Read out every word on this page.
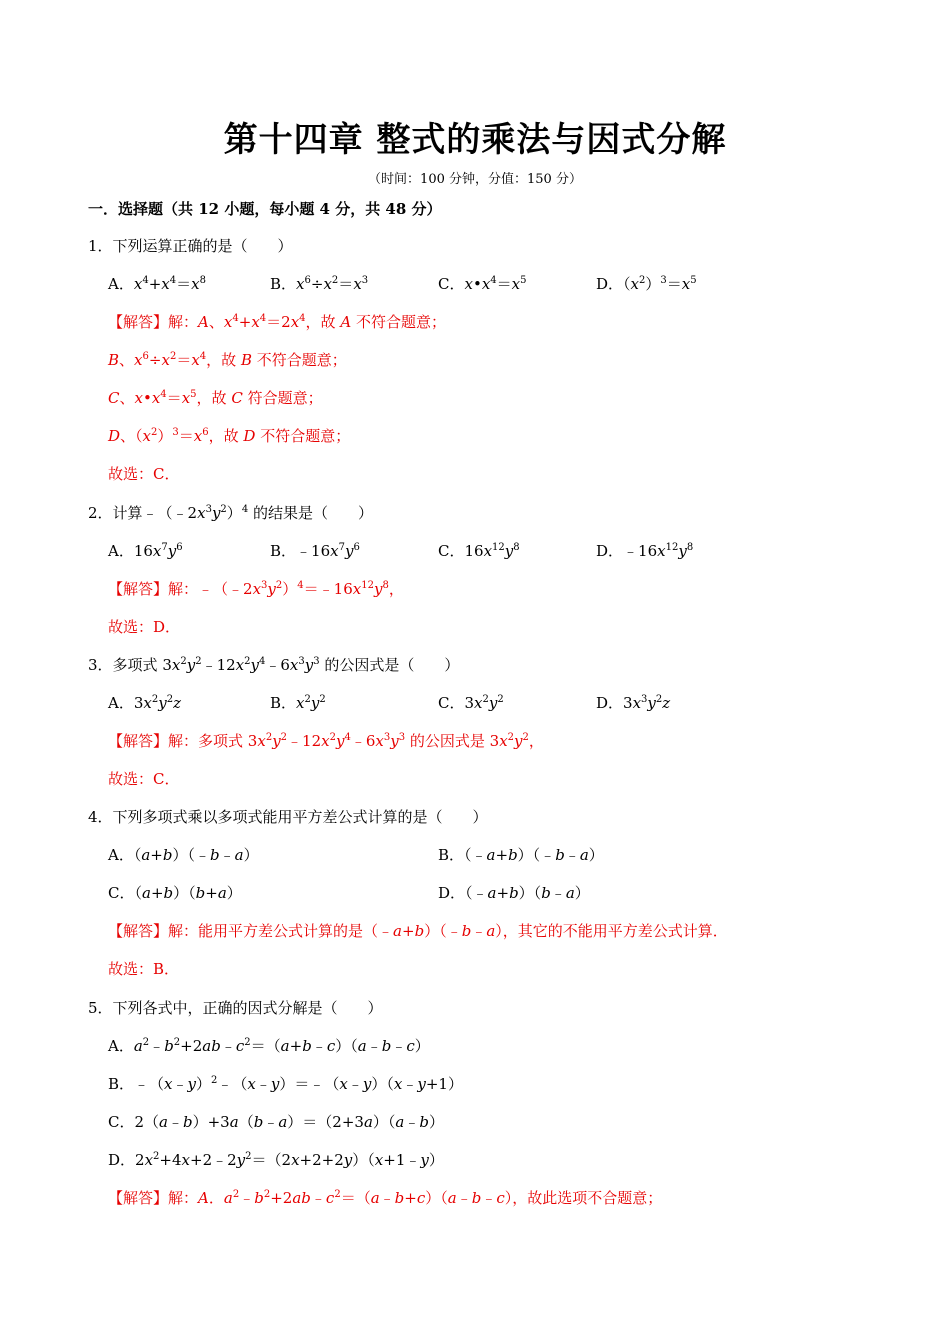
第十四章 整式的乘法与因式分解
（时间：100 分钟，分值：150 分）
一．选择题（共 12 小题，每小题 4 分，共 48 分）
1．下列运算正确的是（　　）
A．$x^4+x^4=x^8$	B．$x^6\div x^2=x^3$	C．$x•x^4=x^5$	D．$(x^2)^3=x^5$
【解答】解：A、$x^4+x^4=2x^4$，故 A 不符合题意；
B、$x^6\div x^2=x^4$，故 B 不符合题意；
C、$x•x^4=x^5$，故 C 符合题意；
D、$(x^2)^3=x^6$，故 D 不符合题意；
故选：C．
2．计算$﹣(﹣2x^3y^2)^4$ 的结果是（　　）
A．$16x^7y^6$	B．$﹣16x^7y^6$	C．$16x^{12}y^8$	D．$﹣16x^{12}y^8$
【解答】解：$﹣(﹣2x^3y^2)^4=﹣16x^{12}y^8$，
故选：D．
3．多项式 $3x^2y^2﹣12x^2y^4﹣6x^3y^3$ 的公因式是（　　）
A．$3x^2y^2z$	B．$x^2y^2$	C．$3x^2y^2$	D．$3x^3y^2z$
【解答】解：多项式 $3x^2y^2﹣12x^2y^4﹣6x^3y^3$ 的公因式是 $3x^2y^2$，
故选：C．
4．下列多项式乘以多项式能用平方差公式计算的是（　　）
A．（a+b）（﹣b﹣a）	B．（﹣a+b）（﹣b﹣a）
C．（a+b）（b+a）	D．（﹣a+b）（b﹣a）
【解答】解：能用平方差公式计算的是（﹣a+b）（﹣b﹣a），其它的不能用平方差公式计算．
故选：B．
5．下列各式中，正确的因式分解是（　　）
A．$a^2﹣b^2+2ab﹣c^2=(a+b﹣c)(a﹣b﹣c)$
B．﹣（x﹣y）$^2$﹣（x﹣y）＝﹣（x﹣y）（x﹣y+1）
C．2（a﹣b）+3a（b﹣a）＝（2+3a）（a﹣b）
D．$2x^2+4x+2﹣2y^2=(2x+2+2y)(x+1﹣y)$
【解答】解：A．$a^2﹣b^2+2ab﹣c^2=(a﹣b+c)(a﹣b﹣c)$，故此选项不合题意；
